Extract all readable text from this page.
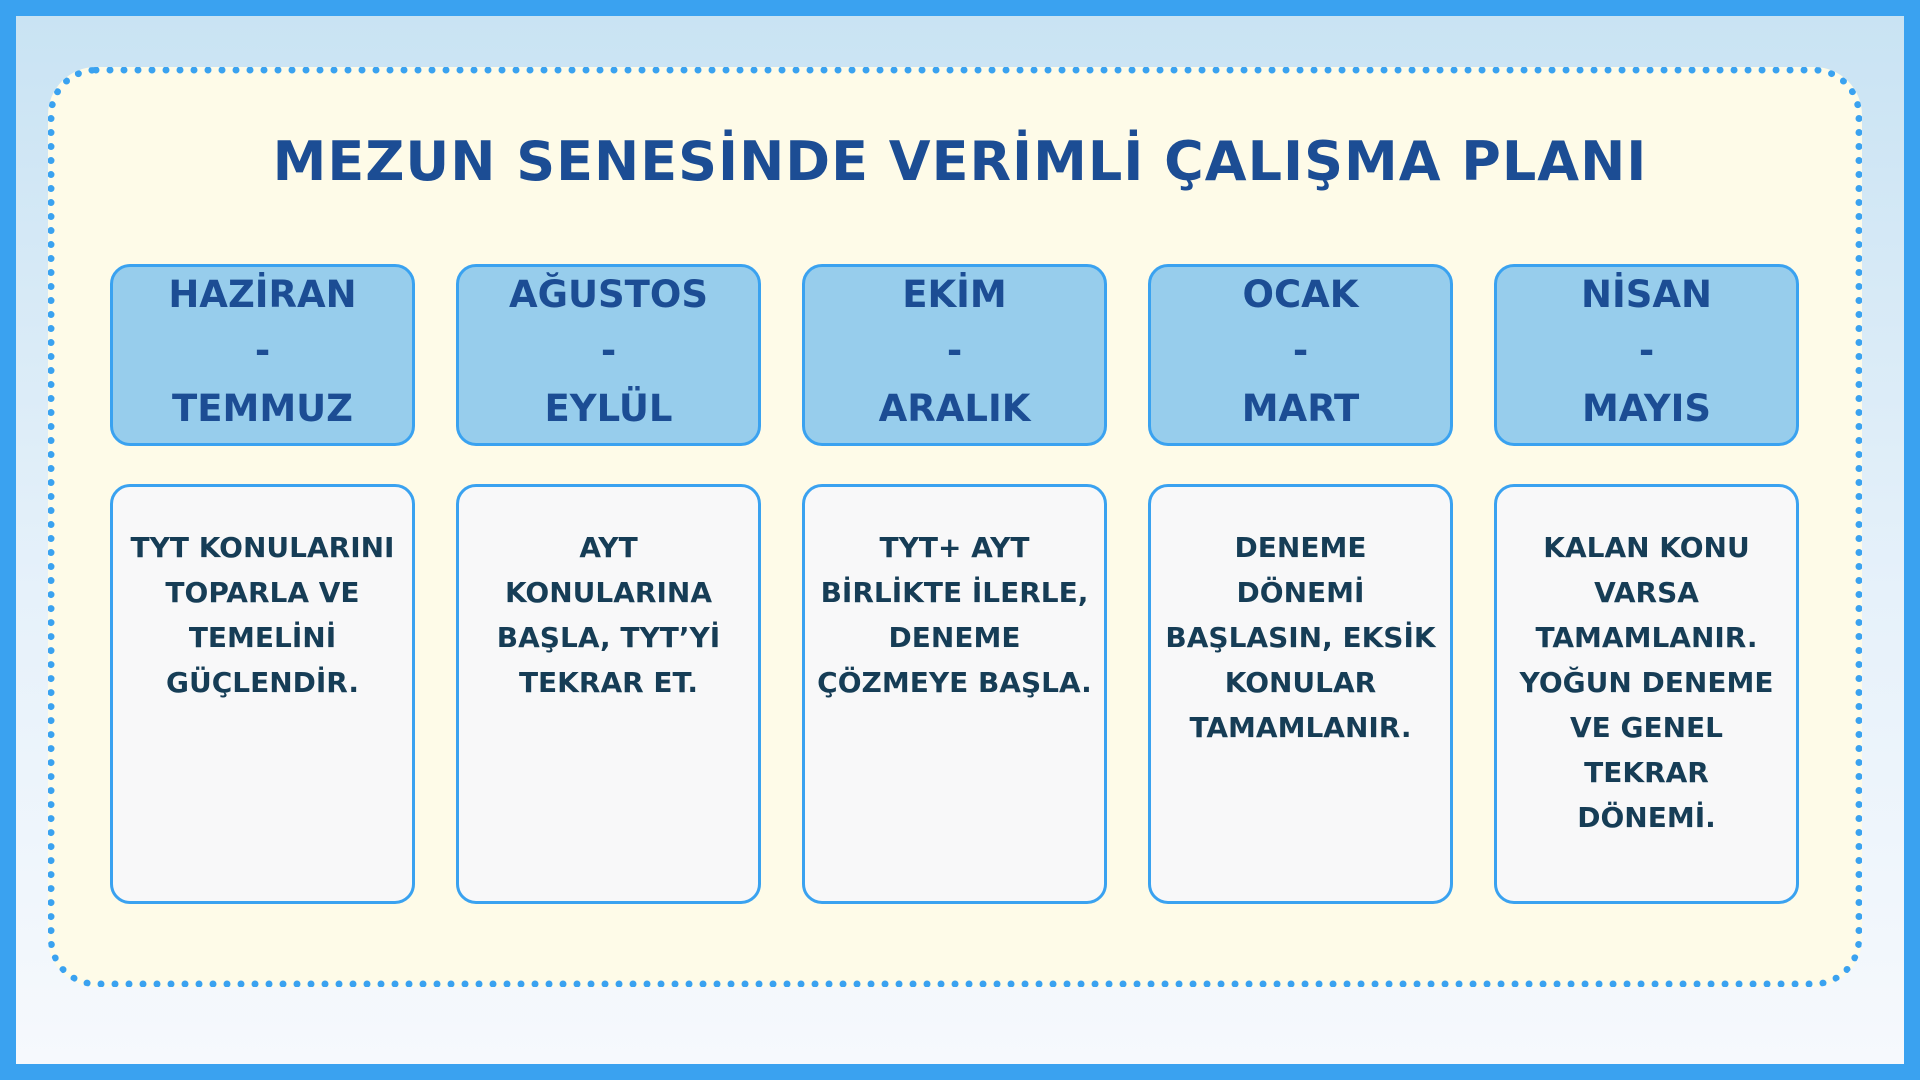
MEZUN SENESİNDE VERİMLİ ÇALIŞMA PLANI
HAZİRAN
-
TEMMUZ

TYT KONULARINI

TOPARLA VE

TEMELİNİ

GÜÇLENDİR.

AĞUSTOS
-
EYLÜL

AYT

KONULARINA

BAŞLA, TYT’Yİ

TEKRAR ET.

EKİM
-
ARALIK

TYT+ AYT

BİRLİKTE İLERLE,

DENEME

ÇÖZMEYE BAŞLA.

OCAK
-
MART

DENEME

DÖNEMİ

BAŞLASIN, EKSİK

KONULAR

TAMAMLANIR.

NİSAN
-
MAYIS

KALAN KONU

VARSA

TAMAMLANIR.

YOĞUN DENEME

VE GENEL

TEKRAR

DÖNEMİ.
